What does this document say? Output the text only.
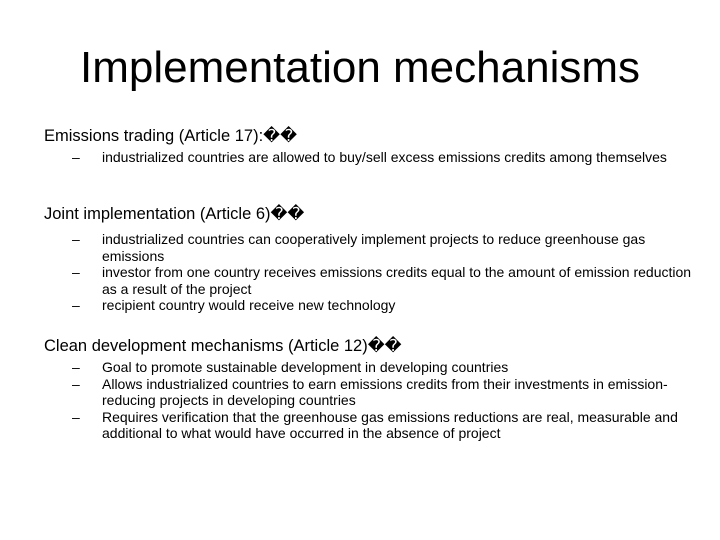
Implementation mechanisms

Emissions trading (Article 17):��

– industrialized countries are allowed to buy/sell excess emissions credits among themselves

Joint implementation (Article 6)��

– industrialized countries can cooperatively implement projects to reduce greenhouse gas emissions
– investor from one country receives emissions credits equal to the amount of emission reduction as a result of the project
– recipient country would receive new technology

Clean development mechanisms (Article 12)��

– Goal to promote sustainable development in developing countries
– Allows industrialized countries to earn emissions credits from their investments in emission-reducing projects in developing countries
– Requires verification that the greenhouse gas emissions reductions are real, measurable and additional to what would have occurred in the absence of project
